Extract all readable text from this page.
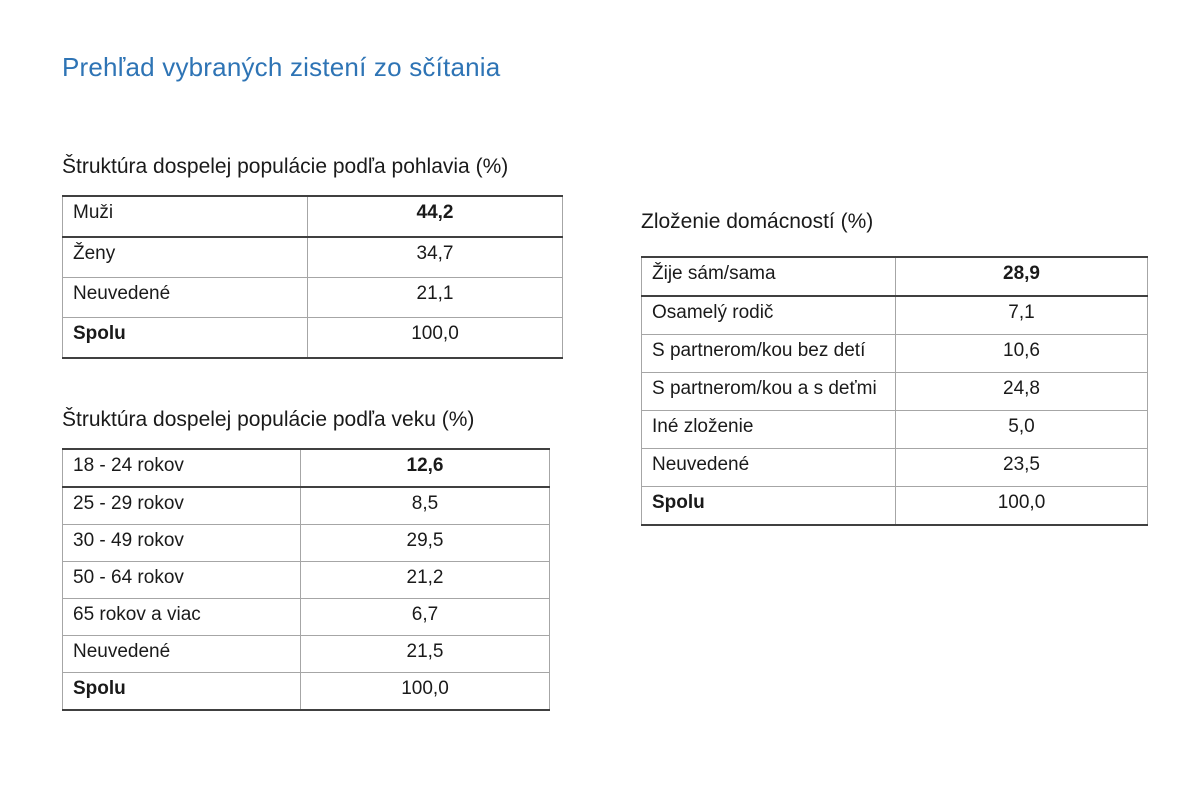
Prehľad vybraných zistení zo sčítania
Štruktúra dospelej populácie podľa pohlavia (%)
Muži	44,2
Ženy	34,7
Neuvedené	21,1
Spolu	100,0
Štruktúra dospelej populácie podľa veku (%)
18 - 24 rokov	12,6
25 - 29 rokov	8,5
30 - 49 rokov	29,5
50 - 64 rokov	21,2
65 rokov a viac	6,7
Neuvedené	21,5
Spolu	100,0
Zloženie domácností (%)
Žije sám/sama	28,9
Osamelý rodič	7,1
S partnerom/kou bez detí	10,6
S partnerom/kou a s deťmi	24,8
Iné zloženie	5,0
Neuvedené	23,5
Spolu	100,0
